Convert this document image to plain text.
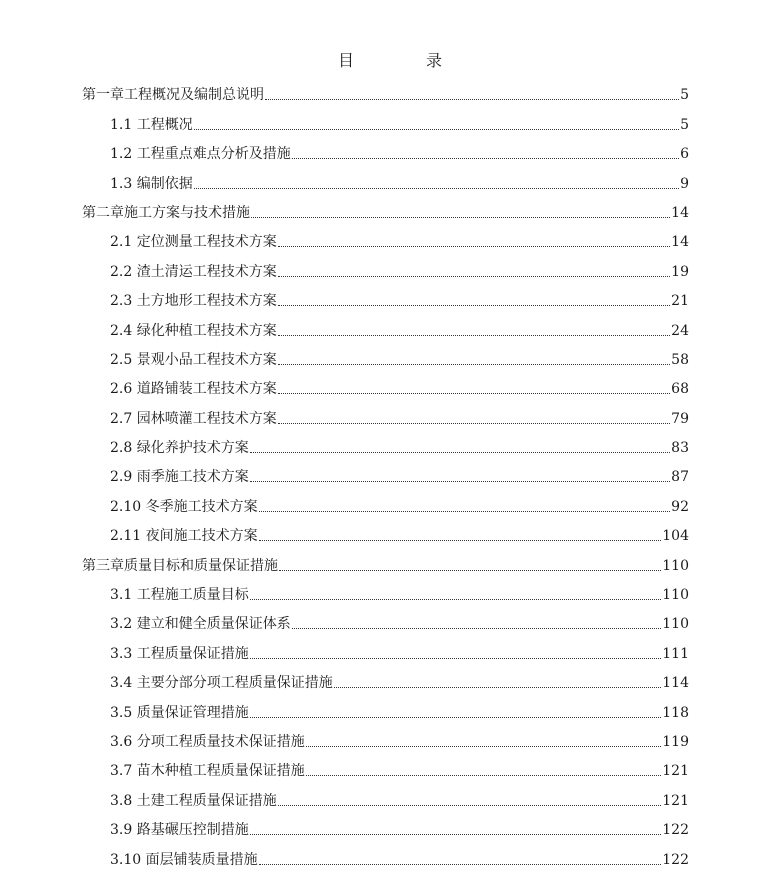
目　录
第一章工程概况及编制总说明	5
1.1 工程概况	5
1.2 工程重点难点分析及措施	6
1.3 编制依据	9
第二章施工方案与技术措施	14
2.1 定位测量工程技术方案	14
2.2 渣土清运工程技术方案	19
2.3 土方地形工程技术方案	21
2.4 绿化种植工程技术方案	24
2.5 景观小品工程技术方案	58
2.6 道路铺装工程技术方案	68
2.7 园林喷灌工程技术方案	79
2.8 绿化养护技术方案	83
2.9 雨季施工技术方案	87
2.10 冬季施工技术方案	92
2.11 夜间施工技术方案	104
第三章质量目标和质量保证措施	110
3.1 工程施工质量目标	110
3.2 建立和健全质量保证体系	110
3.3 工程质量保证措施	111
3.4 主要分部分项工程质量保证措施	114
3.5 质量保证管理措施	118
3.6 分项工程质量技术保证措施	119
3.7 苗木种植工程质量保证措施	121
3.8 土建工程质量保证措施	121
3.9 路基碾压控制措施	122
3.10 面层铺装质量措施	122
